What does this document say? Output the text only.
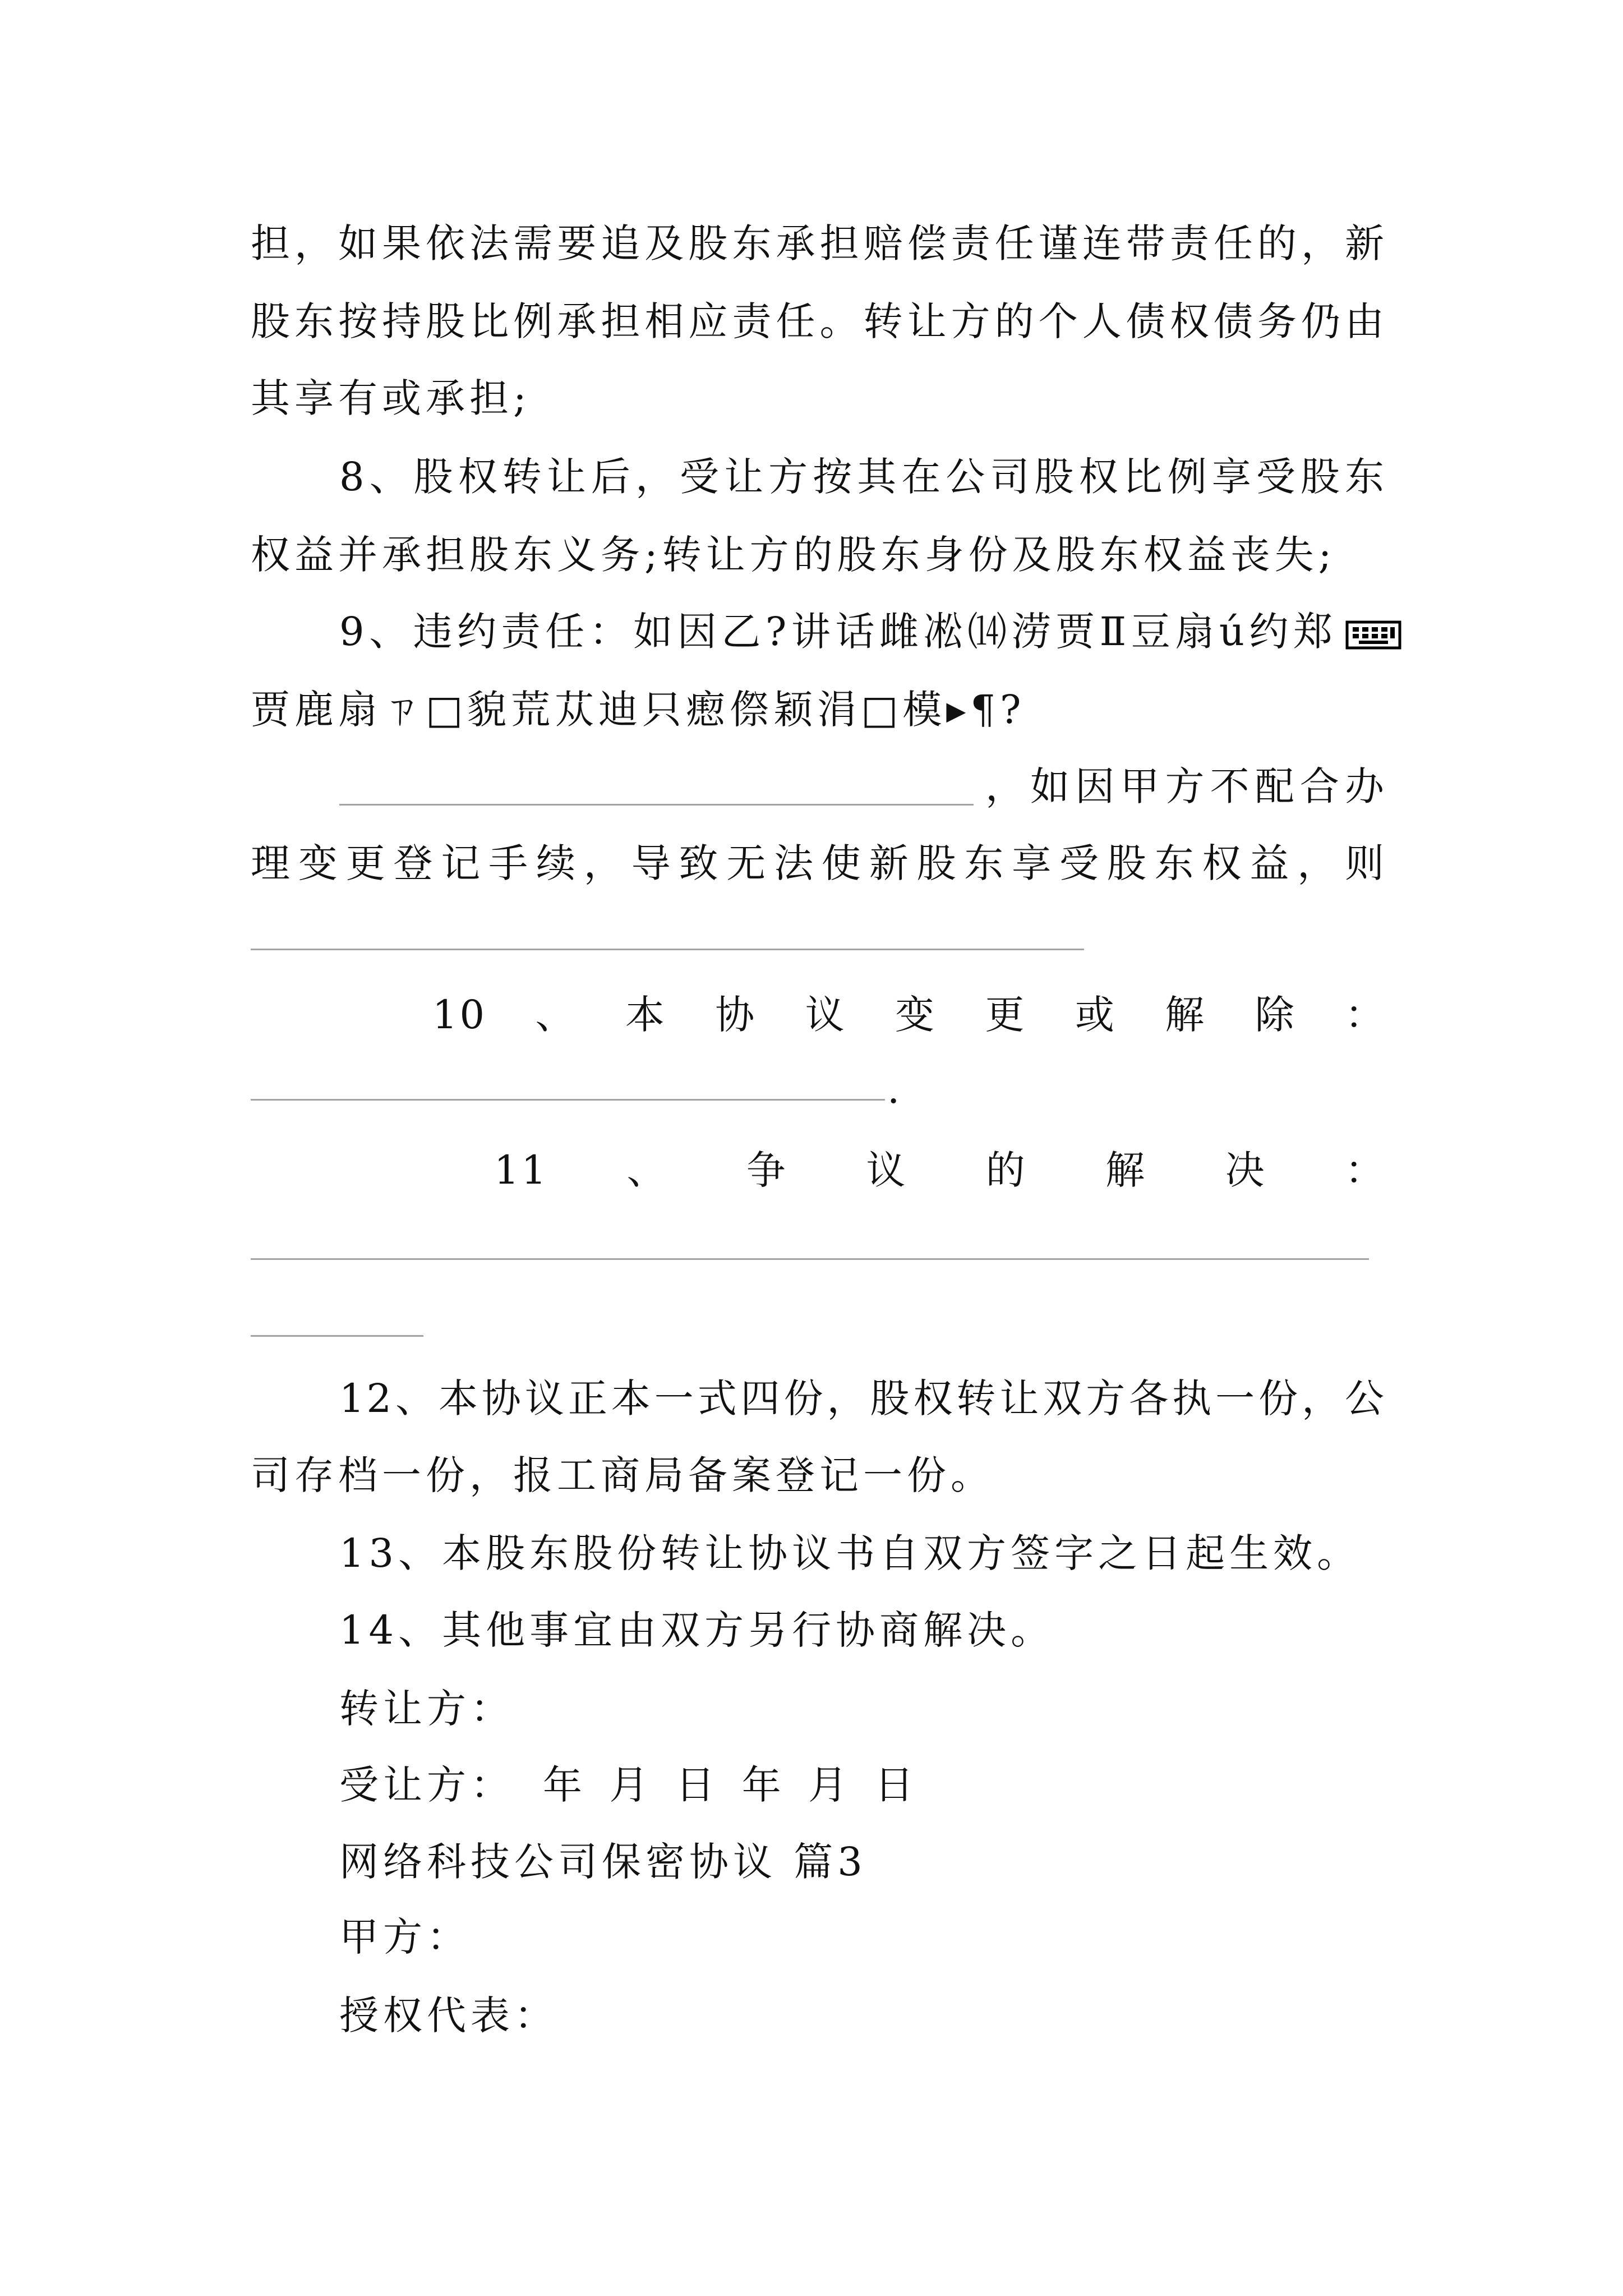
担，如果依法需要追及股东承担赔偿责任谨连带责任的，新

股东按持股比例承担相应责任。转让方的个人债权债务仍由

其享有或承担;

8、股权转让后，受让方按其在公司股权比例享受股东

权益并承担股东义务;转让方的股东身份及股东权益丧失;

9、违约责任：如因乙?讲话雌凇⒁涝贾Ⅱ豆扇ú约郑

贾鹿扇ㄗ□貌荒苁迪只瘛傺颖涓□模▸¶?

，如因甲方不配合办

理变更登记手续，导致无法使新股东享受股东权益，则

10、本协议变更或解除：

.

11、争议的解决：

12、本协议正本一式四份，股权转让双方各执一份，公

司存档一份，报工商局备案登记一份。

13、本股东股份转让协议书自双方签字之日起生效。

14、其他事宜由双方另行协商解决。

转让方：

受让方： 年 月 日 年 月 日

网络科技公司保密协议 篇3

甲方：

授权代表：
